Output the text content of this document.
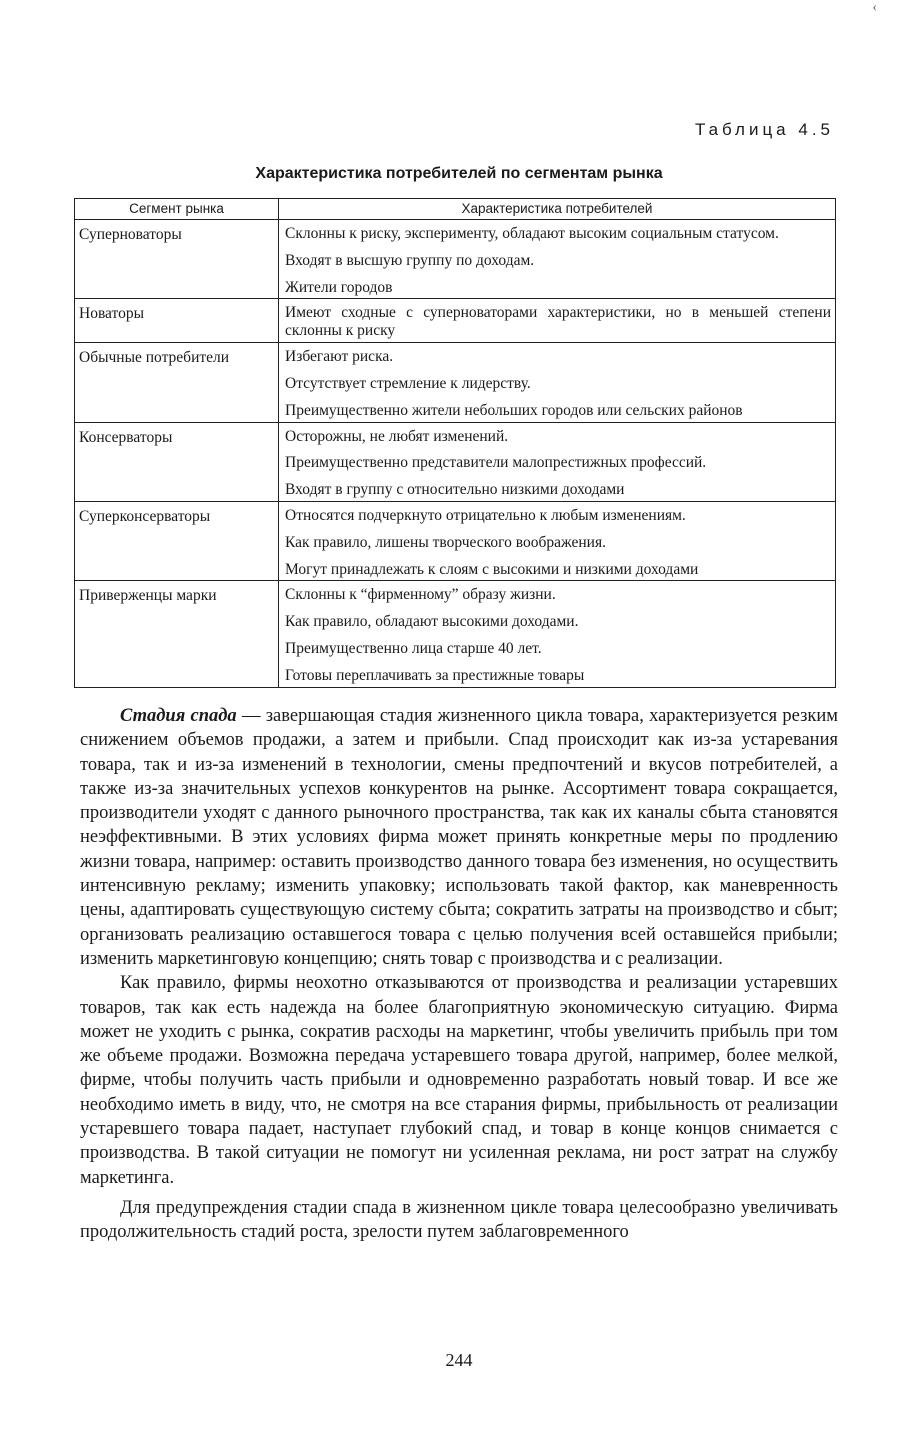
‹
Таблица 4.5
Характеристика потребителей по сегментам рынка
Сегмент рынка	Характеристика потребителей
Суперноваторы	Склонны к риску, эксперименту, обладают высоким социальным статусом.
Входят в высшую группу по доходам.
Жители городов

Новаторы	Имеют сходные с суперноваторами характеристики, но в меньшей степени склонны к риску

Обычные потребители	Избегают риска.
Отсутствует стремление к лидерству.
Преимущественно жители небольших городов или сельских районов

Консерваторы	Осторожны, не любят изменений.
Преимущественно представители малопрестижных профессий.
Входят в группу с относительно низкими доходами

Суперконсерваторы	Относятся подчеркнуто отрицательно к любым изменениям.
Как правило, лишены творческого воображения.
Могут принадлежать к слоям с высокими и низкими доходами

Приверженцы марки	Склонны к “фирменному” образу жизни.
Как правило, обладают высокими доходами.
Преимущественно лица старше 40 лет.
Готовы переплачивать за престижные товары

Стадия спада — завершающая стадия жизненного цикла товара, характеризуется резким снижением объемов продажи, а затем и прибыли. Спад происходит как из-за устаревания товара, так и из-за изменений в технологии, смены предпочтений и вкусов потребителей, а также из-за значительных успехов конкурентов на рынке. Ассортимент товара сокращается, производители уходят с данного рыночного пространства, так как их каналы сбыта становятся неэффективными. В этих условиях фирма может принять конкретные меры по продлению жизни товара, например: оставить производство данного товара без изменения, но осуществить интенсивную рекламу; изменить упаковку; использовать такой фактор, как маневренность цены, адаптировать существующую систему сбыта; сократить затраты на производство и сбыт; организовать реализацию оставшегося товара с целью получения всей оставшейся прибыли; изменить маркетинговую концепцию; снять товар с производства и с реализации.

Как правило, фирмы неохотно отказываются от производства и реализации устаревших товаров, так как есть надежда на более благоприятную экономическую ситуацию. Фирма может не уходить с рынка, сократив расходы на маркетинг, чтобы увеличить прибыль при том же объеме продажи. Возможна передача устаревшего товара другой, например, более мелкой, фирме, чтобы получить часть прибыли и одновременно разработать новый товар. И все же необходимо иметь в виду, что, не смотря на все старания фирмы, прибыльность от реализации устаревшего товара падает, наступает глубокий спад, и товар в конце концов снимается с производства. В такой ситуации не помогут ни усиленная реклама, ни рост затрат на службу маркетинга.

Для предупреждения стадии спада в жизненном цикле товара целесообразно увеличивать продолжительность стадий роста, зрелости путем заблаговременного

244
